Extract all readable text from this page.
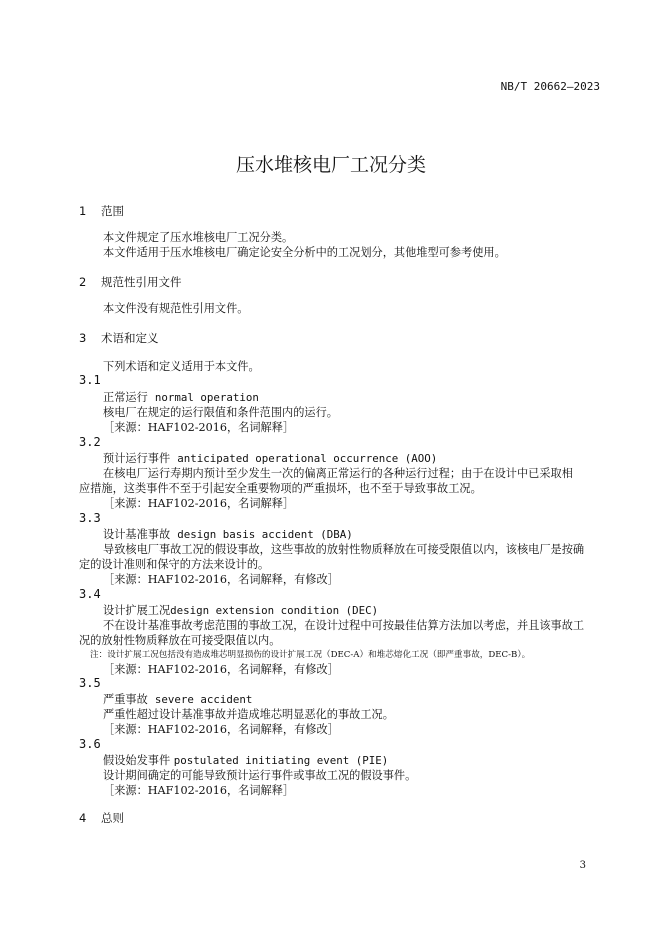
NB/T 20662—2023
压水堆核电厂工况分类
1 范围
本文件规定了压水堆核电厂工况分类。
本文件适用于压水堆核电厂确定论安全分析中的工况划分，其他堆型可参考使用。
2 规范性引用文件
本文件没有规范性引用文件。
3 术语和定义
下列术语和定义适用于本文件。
3.1
正常运行 normal operation
核电厂在规定的运行限值和条件范围内的运行。
［来源：HAF102-2016，名词解释］
3.2
预计运行事件 anticipated operational occurrence (AOO)
在核电厂运行寿期内预计至少发生一次的偏离正常运行的各种运行过程；由于在设计中已采取相
应措施，这类事件不至于引起安全重要物项的严重损坏，也不至于导致事故工况。
［来源：HAF102-2016，名词解释］
3.3
设计基准事故 design basis accident (DBA)
导致核电厂事故工况的假设事故，这些事故的放射性物质释放在可接受限值以内，该核电厂是按确
定的设计准则和保守的方法来设计的。
［来源：HAF102-2016，名词解释，有修改］
3.4
设计扩展工况design extension condition (DEC)
不在设计基准事故考虑范围的事故工况，在设计过程中可按最佳估算方法加以考虑，并且该事故工
况的放射性物质释放在可接受限值以内。
注：设计扩展工况包括没有造成堆芯明显损伤的设计扩展工况（DEC-A）和堆芯熔化工况（即严重事故，DEC-B）。
［来源：HAF102-2016，名词解释，有修改］
3.5
严重事故 severe accident
严重性超过设计基准事故并造成堆芯明显恶化的事故工况。
［来源：HAF102-2016，名词解释，有修改］
3.6
假设始发事件 postulated initiating event (PIE)
设计期间确定的可能导致预计运行事件或事故工况的假设事件。
［来源：HAF102-2016，名词解释］
4 总则
3
